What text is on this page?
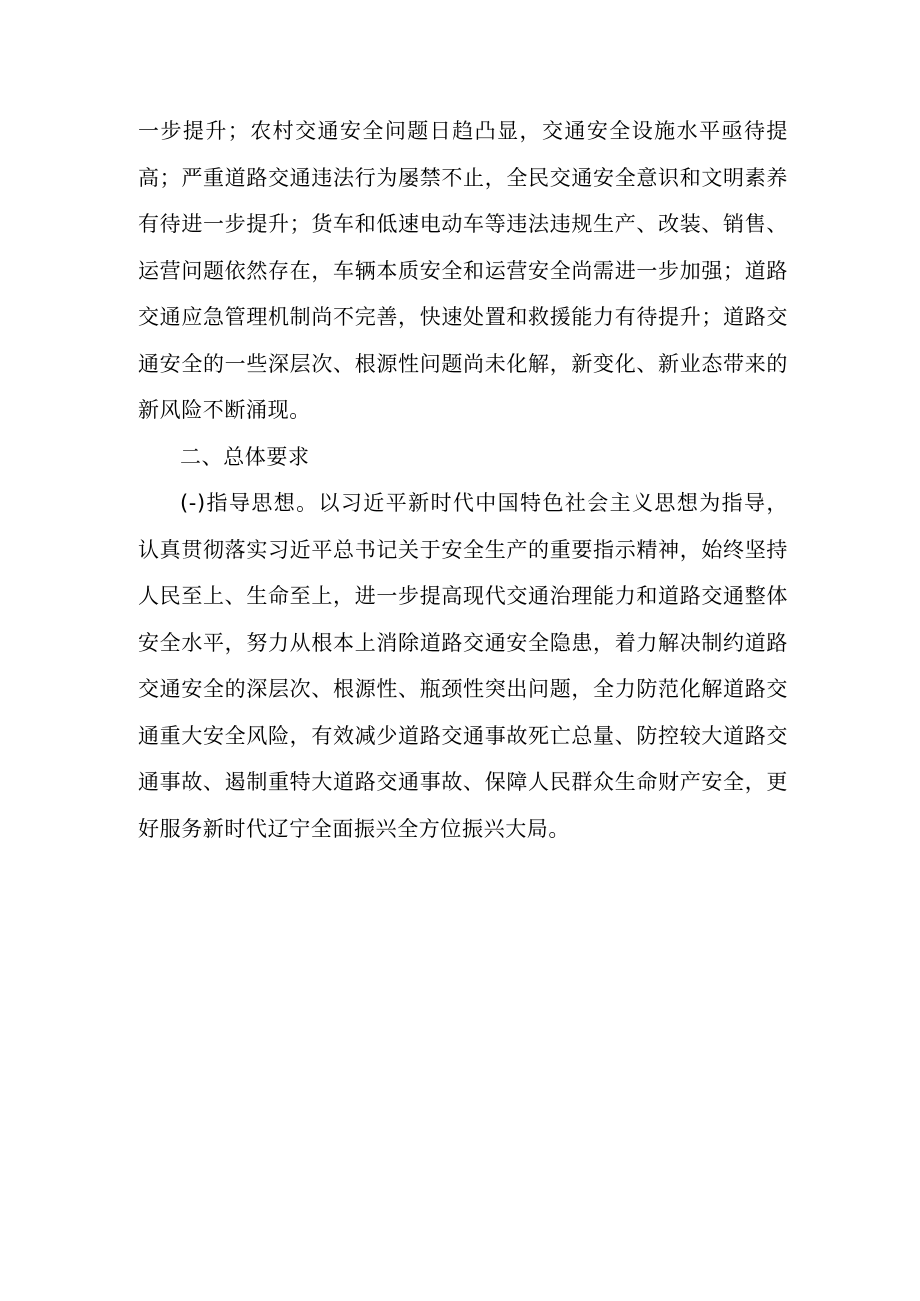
一步提升；农村交通安全问题日趋凸显，交通安全设施水平亟待提高；严重道路交通违法行为屡禁不止，全民交通安全意识和文明素养有待进一步提升；货车和低速电动车等违法违规生产、改装、销售、运营问题依然存在，车辆本质安全和运营安全尚需进一步加强；道路交通应急管理机制尚不完善，快速处置和救援能力有待提升；道路交通安全的一些深层次、根源性问题尚未化解，新变化、新业态带来的新风险不断涌现。

二、总体要求

(-)指导思想。以习近平新时代中国特色社会主义思想为指导，认真贯彻落实习近平总书记关于安全生产的重要指示精神，始终坚持人民至上、生命至上，进一步提高现代交通治理能力和道路交通整体安全水平，努力从根本上消除道路交通安全隐患，着力解决制约道路交通安全的深层次、根源性、瓶颈性突出问题，全力防范化解道路交通重大安全风险，有效减少道路交通事故死亡总量、防控较大道路交通事故、遏制重特大道路交通事故、保障人民群众生命财产安全，更好服务新时代辽宁全面振兴全方位振兴大局。
